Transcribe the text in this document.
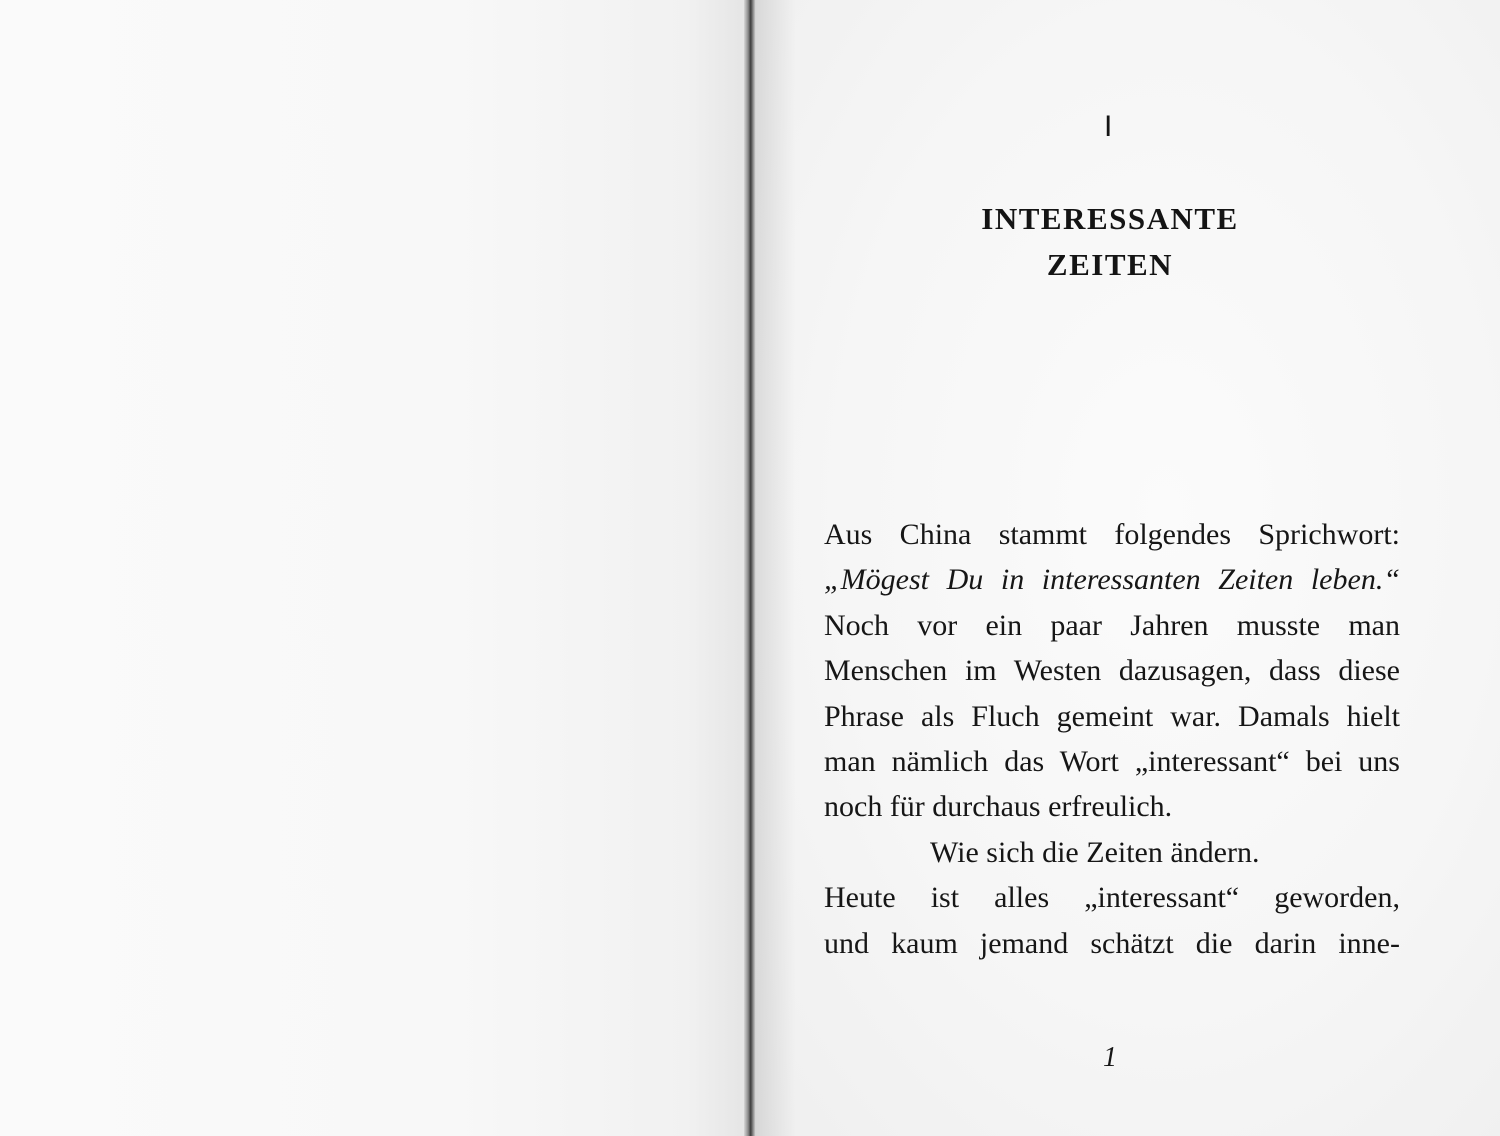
I
INTERESSANTE
ZEITEN
Aus China stammt folgendes Sprichwort:
„Mögest Du in interessanten Zeiten leben.“
Noch vor ein paar Jahren musste man
Menschen im Westen dazusagen, dass diese
Phrase als Fluch gemeint war. Damals hielt
man nämlich das Wort „interessant“ bei uns
noch für durchaus erfreulich.
Wie sich die Zeiten ändern.
Heute ist alles „interessant“ geworden,
und kaum jemand schätzt die darin inne-
1
